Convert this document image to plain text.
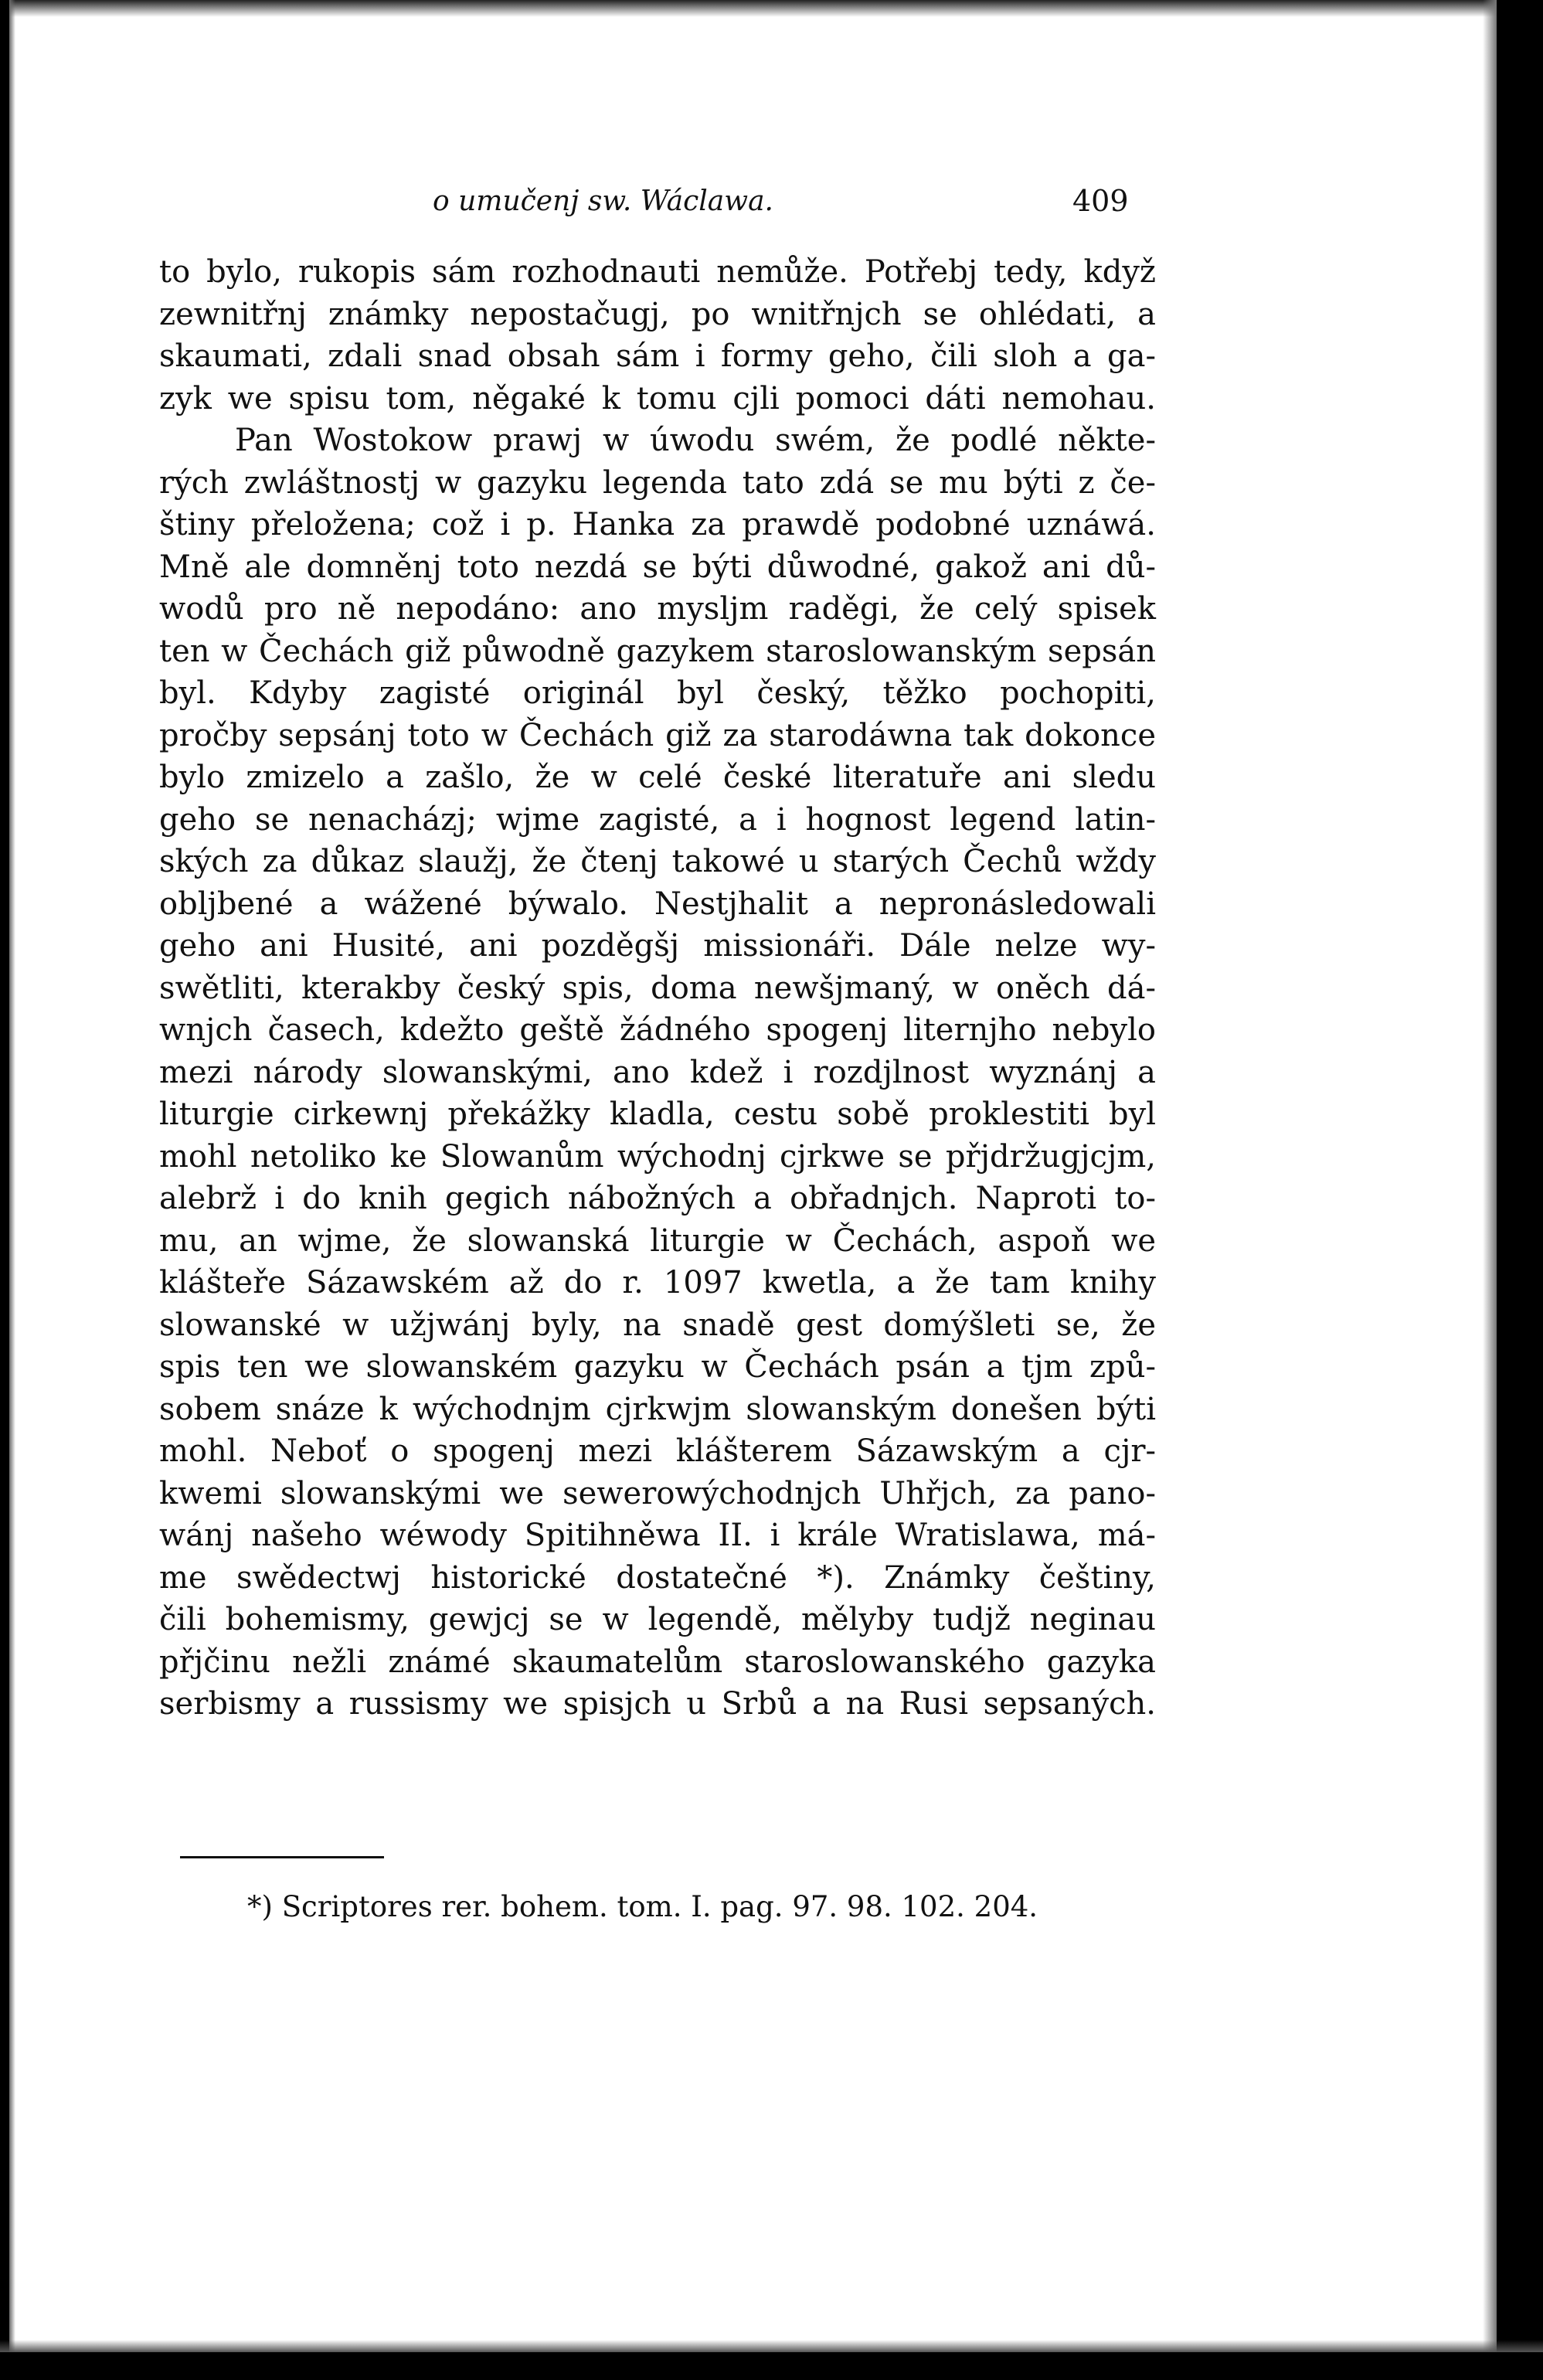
o umučenj sw. Wáclawa.	409
to bylo, rukopis sám rozhodnauti nemůže. Potřebj tedy, když
zewnitřnj známky nepostačugj, po wnitřnjch se ohlédati, a
skaumati, zdali snad obsah sám i formy geho, čili sloh a ga-
zyk we spisu tom, něgaké k tomu cjli pomoci dáti nemohau.
Pan Wostokow prawj w úwodu swém, že podlé někte-
rých zwláštnostj w gazyku legenda tato zdá se mu býti z če-
štiny přeložena; což i p. Hanka za prawdě podobné uznáwá.
Mně ale domněnj toto nezdá se býti důwodné, gakož ani dů-
wodů pro ně nepodáno: ano myslјm raděgi, že celý spisek
ten w Čechách giž půwodně gazykem staroslowanským sepsán
byl. Kdyby zagisté originál byl český, těžko pochopiti,
pročby sepsánj toto w Čechách giž za starodáwna tak dokonce
bylo zmizelo a zašlo, že w celé české literatuře ani sledu
geho se nenacházj; wjme zagisté, a i hognost legend latin-
ských za důkaz slaužj, že čtenj takowé u starých Čechů wždy
oblјbené a wážené býwalo. Nestjhalit a nepronásledowali
geho ani Husité, ani pozděgšj missionáři. Dále nelze wy-
swětliti, kterakby český spis, doma newšjmaný, w oněch dá-
wnjch časech, kdežto geště žádného spogenj liternjho nebylo
mezi národy slowanskými, ano kdež i rozdjlnost wyznánj a
liturgie cirkewnj překážky kladla, cestu sobě proklestiti byl
mohl netoliko ke Slowanům wýchodnj cjrkwe se přjdržugjcjm,
alebrž i do knih gegich nábožných a obřadnjch. Naproti to-
mu, an wjme, že slowanská liturgie w Čechách, aspoň we
klášteře Sázawském až do r. 1097 kwetla, a že tam knihy
slowanské w užjwánj byly, na snadě gest domýšleti se, že
spis ten we slowanském gazyku w Čechách psán a tjm způ-
sobem snáze k wýchodnjm cjrkwjm slowanským donešen býti
mohl. Neboť o spogenj mezi klášterem Sázawským a cjr-
kwemi slowanskými we sewerowýchodnjch Uhřjch, za pano-
wánj našeho wéwody Spitihněwa II. i krále Wratislawa, má-
me swědectwj historické dostatečné *). Známky češtiny,
čili bohemismy, gewjcj se w legendě, mělyby tudjž neginau
přjčinu nežli známé skaumatelům staroslowanského gazyka
serbismy a russismy we spisjch u Srbů a na Rusi sepsaných.
*) Scriptores rer. bohem. tom. I. pag. 97. 98. 102. 204.
